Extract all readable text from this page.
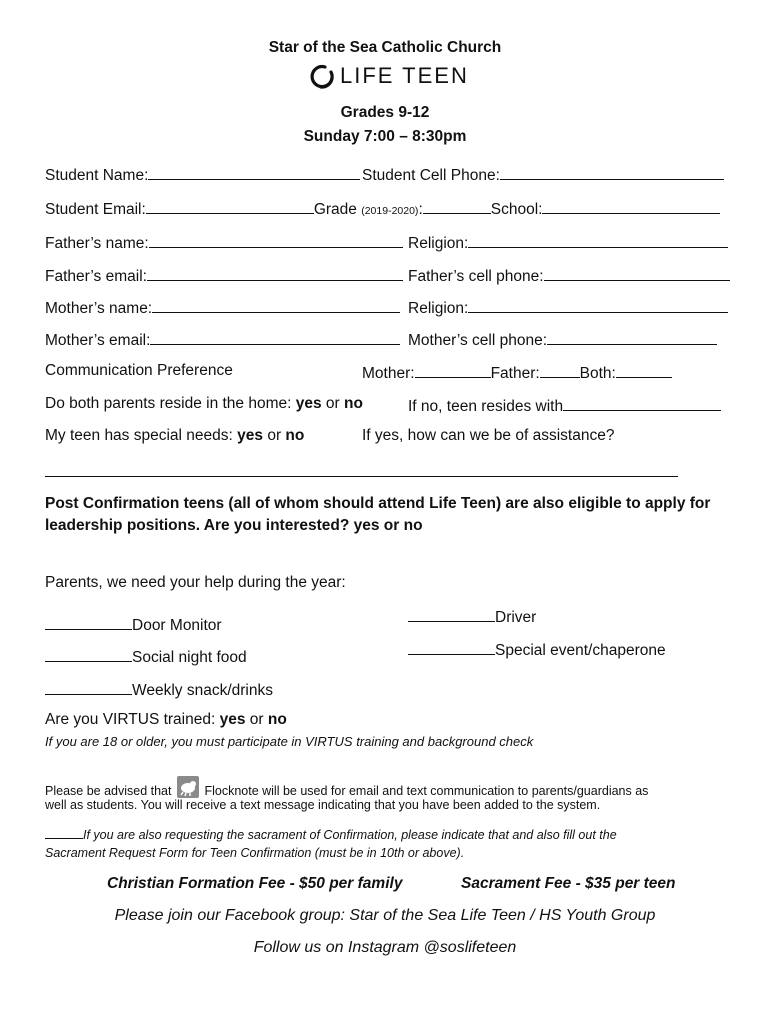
Star of the Sea Catholic Church
LIFE TEEN
Grades 9-12
Sunday 7:00 – 8:30pm
Student Name:	Student Cell Phone:
Student Email:	Grade (2019-2020):	School:
Father’s name:	Religion:
Father’s email:	Father’s cell phone:
Mother’s name:	Religion:
Mother’s email:	Mother’s cell phone:
Communication Preference	Mother:	Father:	Both:
Do both parents reside in the home: yes or no	If no, teen resides with
My teen has special needs: yes or no	If yes, how can we be of assistance?
Post Confirmation teens (all of whom should attend Life Teen) are also eligible to apply for
leadership positions. Are you interested? yes or no
Parents, we need your help during the year:
Door Monitor	Driver
Social night food	Special event/chaperone
Weekly snack/drinks
Are you VIRTUS trained: yes or no
If you are 18 or older, you must participate in VIRTUS training and background check
Please be advised that	Flocknote will be used for email and text communication to parents/guardians as
well as students. You will receive a text message indicating that you have been added to the system.
If you are also requesting the sacrament of Confirmation, please indicate that and also fill out the
Sacrament Request Form for Teen Confirmation (must be in 10th or above).
Christian Formation Fee - $50 per family	Sacrament Fee - $35 per teen
Please join our Facebook group: Star of the Sea Life Teen / HS Youth Group
Follow us on Instagram @soslifeteen
